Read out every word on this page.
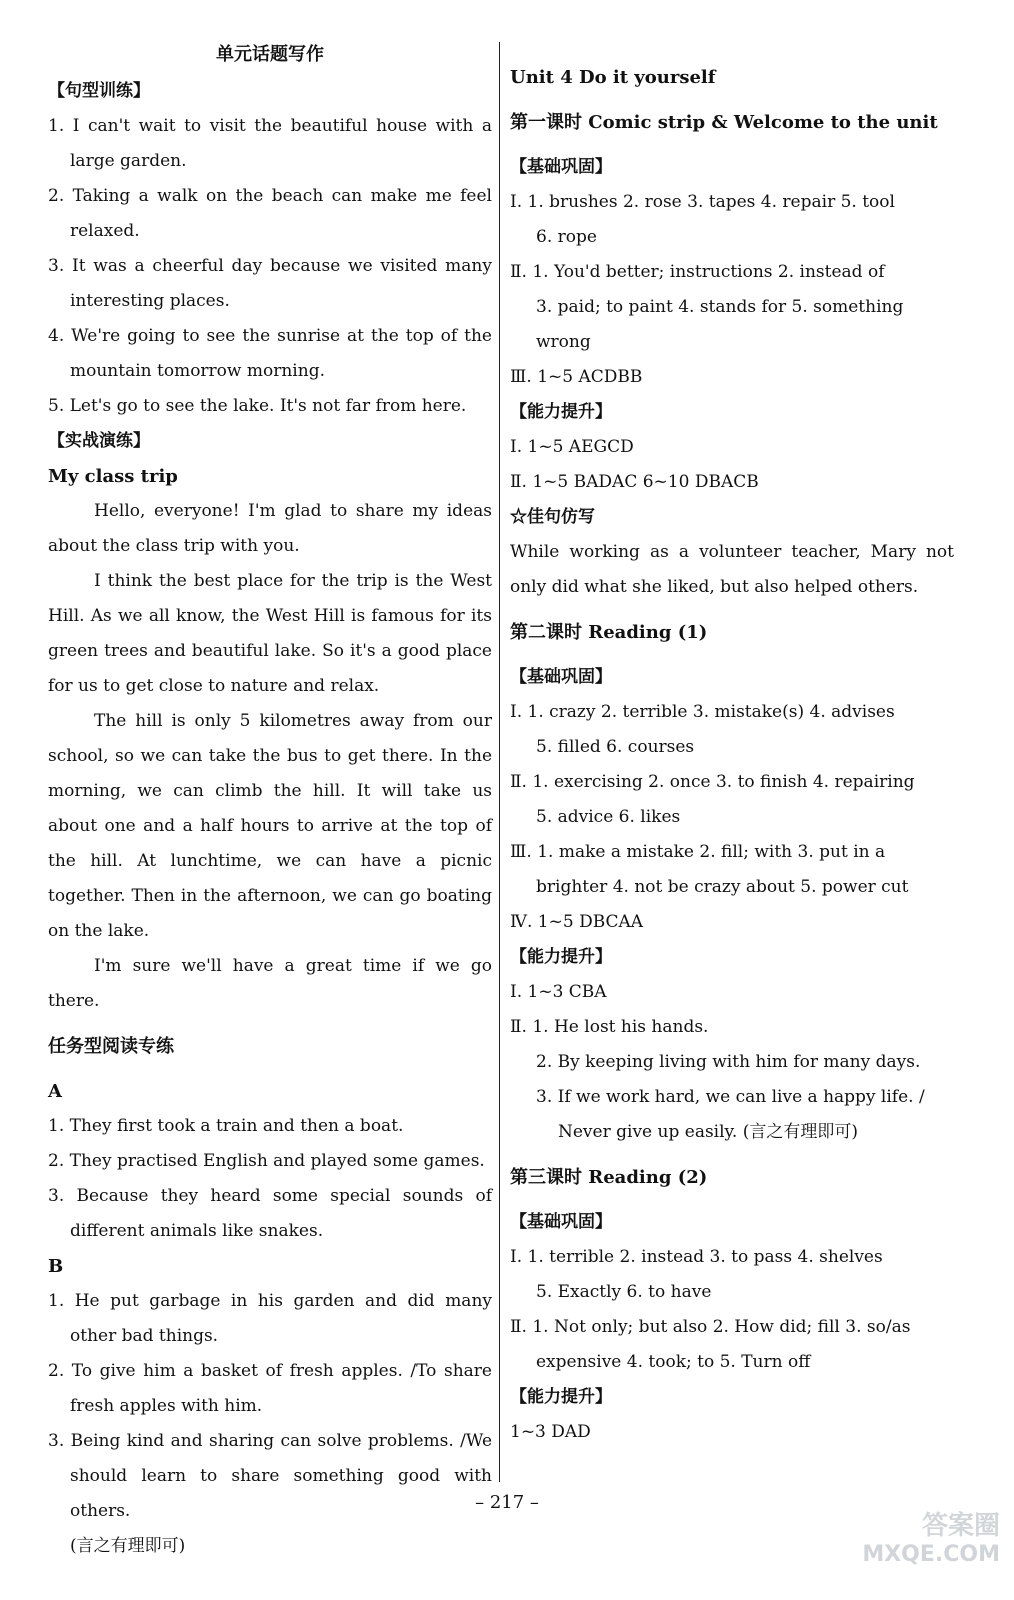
单元话题写作

【句型训练】

1. I can't wait to visit the beautiful house with a large garden.

2. Taking a walk on the beach can make me feel relaxed.

3. It was a cheerful day because we visited many interesting places.

4. We're going to see the sunrise at the top of the mountain tomorrow morning.

5. Let's go to see the lake. It's not far from here.

【实战演练】

My class trip

Hello, everyone! I'm glad to share my ideas about the class trip with you.

I think the best place for the trip is the West Hill. As we all know, the West Hill is famous for its green trees and beautiful lake. So it's a good place for us to get close to nature and relax.

The hill is only 5 kilometres away from our school, so we can take the bus to get there. In the morning, we can climb the hill. It will take us about one and a half hours to arrive at the top of the hill. At lunchtime, we can have a picnic together. Then in the afternoon, we can go boating on the lake.

I'm sure we'll have a great time if we go there.

任务型阅读专练

A

1. They first took a train and then a boat.

2. They practised English and played some games.

3. Because they heard some special sounds of different animals like snakes.

B

1. He put garbage in his garden and did many other bad things.

2. To give him a basket of fresh apples. /To share fresh apples with him.

3. Being kind and sharing can solve problems. /We should learn to share something good with others.

(言之有理即可)

Unit 4 Do it yourself

第一课时 Comic strip & Welcome to the unit

【基础巩固】

Ⅰ. 1. brushes 2. rose 3. tapes 4. repair 5. tool

6. rope

Ⅱ. 1. You'd better; instructions 2. instead of

3. paid; to paint 4. stands for 5. something

wrong

Ⅲ. 1~5 ACDBB

【能力提升】

Ⅰ. 1~5 AEGCD

Ⅱ. 1~5 BADAC 6~10 DBACB

☆佳句仿写

While working as a volunteer teacher, Mary not only did what she liked, but also helped others.

第二课时 Reading (1)

【基础巩固】

Ⅰ. 1. crazy 2. terrible 3. mistake(s) 4. advises

5. filled 6. courses

Ⅱ. 1. exercising 2. once 3. to finish 4. repairing

5. advice 6. likes

Ⅲ. 1. make a mistake 2. fill; with 3. put in a

brighter 4. not be crazy about 5. power cut

Ⅳ. 1~5 DBCAA

【能力提升】

Ⅰ. 1~3 CBA

Ⅱ. 1. He lost his hands.

2. By keeping living with him for many days.

3. If we work hard, we can live a happy life. /

Never give up easily. (言之有理即可)

第三课时 Reading (2)

【基础巩固】

Ⅰ. 1. terrible 2. instead 3. to pass 4. shelves

5. Exactly 6. to have

Ⅱ. 1. Not only; but also 2. How did; fill 3. so/as

expensive 4. took; to 5. Turn off

【能力提升】

1~3 DAD

– 217 –
答案圈
MXQE.COM
